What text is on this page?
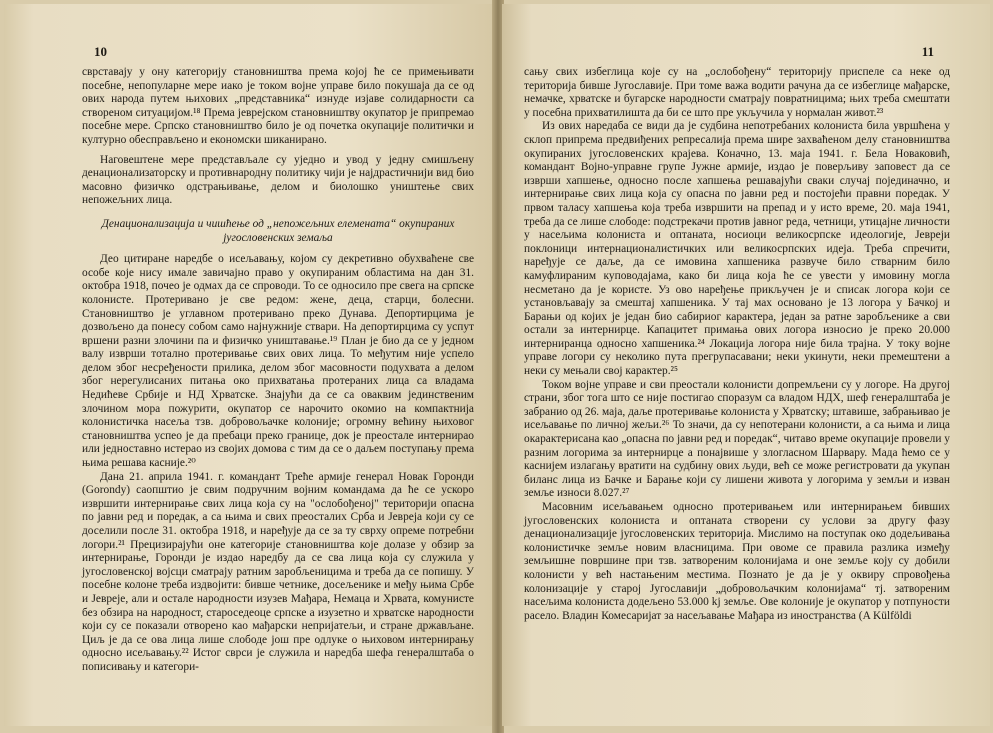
10

сврставају у ону категорију становништва према којој ће се примењивати посебне, непопуларне мере иако је током војне управе било покушаја да се од ових народа путем њихових „представника“ изнуде изјаве солидарности са створеном ситуацијом.¹⁸ Према јеврејском становништву окупатор је припремао посебне мере. Српско становништво било је од почетка окупације политички и културно обеспрaвљено и економски шиканирано.

Наговештене мере представљале су уједно и увод у једну смишљену денационализаторску и противнародну политику чији је најдрастичнији вид био масовно физичко одстрањивање, делом и биолошко уништење свих непожељних лица.

Денационализација и чишћење од „непожељних елемената“ окупираних југословенских земаља

Деo цитиране наредбе о исељавању, којом су декретивно обухваћене све особе које нису имале завичајно право у окупираним областима на дан 31. октобра 1918, почео је одмах да се спроводи. То се односило пре свега на српске колонисте. Протеривано је све редом: жене, деца, старци, болесни. Становништво је углавном протеривано преко Дунава. Депортирцима је дозвољено да понесу собом само најнужније ствари. На депортирцима су успут вршени разни злочини па и физичко уништавање.¹⁹ План је био да се у једном валу изврши тотално протеривање свих ових лица. То међутим није успело делом због несређености прилика, делом због масовности подухвата а делом због нерегулисаних питања око прихватања протераних лица са владама Недићеве Србије и НД Хрватске. Знајући да се са оваквим јединственим злочином мора пожурити, окупатор се нарочито окомио на компактнија колонистичка насеља тзв. добровољачке колоније; огромну већину њиховог становништва успео је да пребаци преко границе, док је преостале интернирао или једноставно истерао из својих домова с тим да се о даљем поступању према њима решава касније.²⁰

Дана 21. априла 1941. г. командант Треће армије генерал Новак Горонди (Gorondy) саопштио је свим подручним војним командама да ће се ускоро извршити интернирање свих лица која су на "ослобођеној" територији опасна по јавни ред и поредак, а са њима и свих преосталих Срба и Јевреја који су се доселили после 31. октобра 1918, и наређује да се за ту сврху опреме потребни логори.²¹ Прецизирајући оне категорије становништва које долазе у обзир за интернирање, Горонди је издао наредбу да се сва лица која су служила у југословенској војсци сматрају ратним заробљеницима и треба да се попишу. У посебне колоне треба издвојити: бивше четнике, досељенике и међу њима Србе и Јевреје, али и остале народности изузев Мађара, Немаца и Хрвата, комунисте без обзира на народност, староседеоце српске а изузетно и хрватске народности који су се показали отворено као мађарски непријатељи, и стране држављане. Циљ је да се ова лица лише слободе још пре одлуке о њиховом интернирању односно исељавању.²² Истог сврси је служила и наредба шефа генералштаба о пописивању и категори-

11

сању свих избеглица које су на „ослобођену“ територију приспеле са неке од територија бивше Југославије. При томе важа водити рачуна да се избеглице мађарске, немачке, хрватске и бугарске народности сматрају повратницима; њих треба смештати у посебна прихватилишта да би се што пре укључила у нормалан живот.²³

Из ових наредаба се види да је судбина непотребаних колониста била увршћена у склоп припрема предвиђених репресалија према шире захваћеном делу становништва окупираних југословенских крајева. Коначно, 13. маја 1941. г. Бела Новаковић, командант Војно-управне групе Јужне армије, издао је поверљиву заповест да се изврши хапшење, односно после хапшења решавајући сваки случај појединачно, и интернирање свих лица која су опасна по јавни ред и постојећи правни поредак. У првом таласу хапшења која треба извршити на препад и у исто време, 20. маја 1941, треба да се лише слободе: подстрекачи против јавног реда, четници, утицајне личности у насељима колониста и оптаната, носиоци великосрпске идеологије, Јевреји поклоници интернационалистичких или великосрпских идеја. Треба спречити, наређује се даље, да се имовина хапшеника развуче било стварним било камуфлираним куповодајама, како би лица која ће се увести у имовину могла несметано да је користе. Уз ово наређење прикључен је и списак логора који се установљавају за смештај хапшеника. У тај мах основано је 13 логора у Бачкој и Барањи од којих је један био сабириог карактера, један за ратне заробљенике а сви остали за интернирце. Капацитет примања ових логора износио је преко 20.000 интерниранца односно хапшеника.²⁴ Локација логора није била трајна. У току војне управе логори су неколико пута прегрупасавани; неки укинути, неки премештени а неки су мењали свој карактер.²⁵

Током војне управе и сви преостали колонисти допремљени су у логоре. На другој страни, због тога што се није постигао споразум са владом НДХ, шеф генералштаба је забранио од 26. маја, даље протеривање колониста у Хрватску; штавише, забрањивао је исељавање по личној жељи.²⁶ То значи, да су непотерани колонисти, а са њима и лица окарактерисана као „опасна по јавни ред и поредак“, читаво време окупације провели у разним логорима за интернирце а понајвише у злогласном Шарвару. Мада ћемо се у каснијем излагању вратити на судбину ових људи, већ се може регистровати да укупан биланс лица из Бачке и Барање који су лишени живота у логорима у земљи и изван земље износи 8.027.²⁷

Масовним исељавањем односно протеривањем или интернирањем бивших југословенских колониста и оптаната створени су услови за другу фазу денационализације југословенских територија. Мислимо на поступак око додељивања колонистичке земље новим власницима. При овоме се правила разлика између земљишне површине при тзв. затвореним колонијама и оне земље коју су добили колонисти у већ настањеним местима. Познато је да је у оквиру спровођења колонизације у старој Југославији „добровољачким колонијама“ тј. затвореним насељима колониста додељено 53.000 kj земље. Ове колоније је окупатор у потпуности расело. Владин Комесаријат за насељавање Мађара из иностранства (A Külföldi
